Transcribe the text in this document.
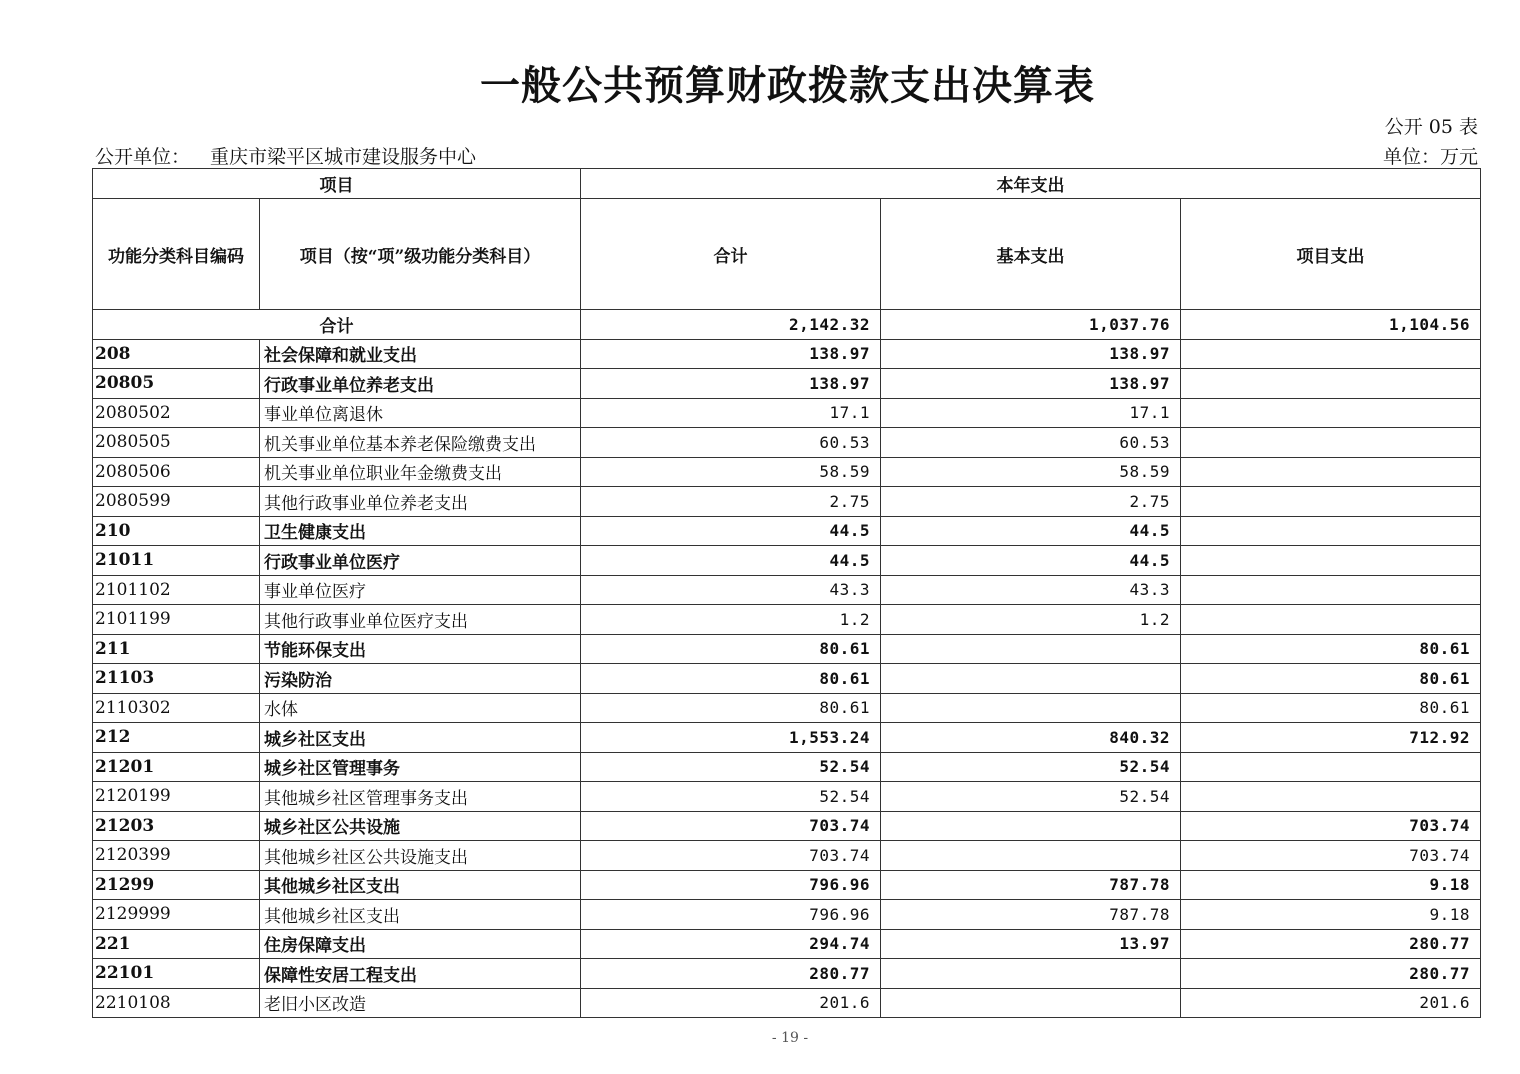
一般公共预算财政拨款支出决算表
公开 05 表
公开单位： 重庆市梁平区城市建设服务中心	单位：万元
项目		本年支出		
功能分类科目编码	项目（按“项”级功能分类科目）	合计	基本支出	项目支出
合计		2,142.32	1,037.76	1,104.56
208	社会保障和就业支出	138.97	138.97	
20805	行政事业单位养老支出	138.97	138.97	
2080502	事业单位离退休	17.1	17.1	
2080505	机关事业单位基本养老保险缴费支出	60.53	60.53	
2080506	机关事业单位职业年金缴费支出	58.59	58.59	
2080599	其他行政事业单位养老支出	2.75	2.75	
210	卫生健康支出	44.5	44.5	
21011	行政事业单位医疗	44.5	44.5	
2101102	事业单位医疗	43.3	43.3	
2101199	其他行政事业单位医疗支出	1.2	1.2	
211	节能环保支出	80.61		80.61
21103	污染防治	80.61		80.61
2110302	水体	80.61		80.61
212	城乡社区支出	1,553.24	840.32	712.92
21201	城乡社区管理事务	52.54	52.54	
2120199	其他城乡社区管理事务支出	52.54	52.54	
21203	城乡社区公共设施	703.74		703.74
2120399	其他城乡社区公共设施支出	703.74		703.74
21299	其他城乡社区支出	796.96	787.78	9.18
2129999	其他城乡社区支出	796.96	787.78	9.18
221	住房保障支出	294.74	13.97	280.77
22101	保障性安居工程支出	280.77		280.77
2210108	老旧小区改造	201.6		201.6
- 19 -
